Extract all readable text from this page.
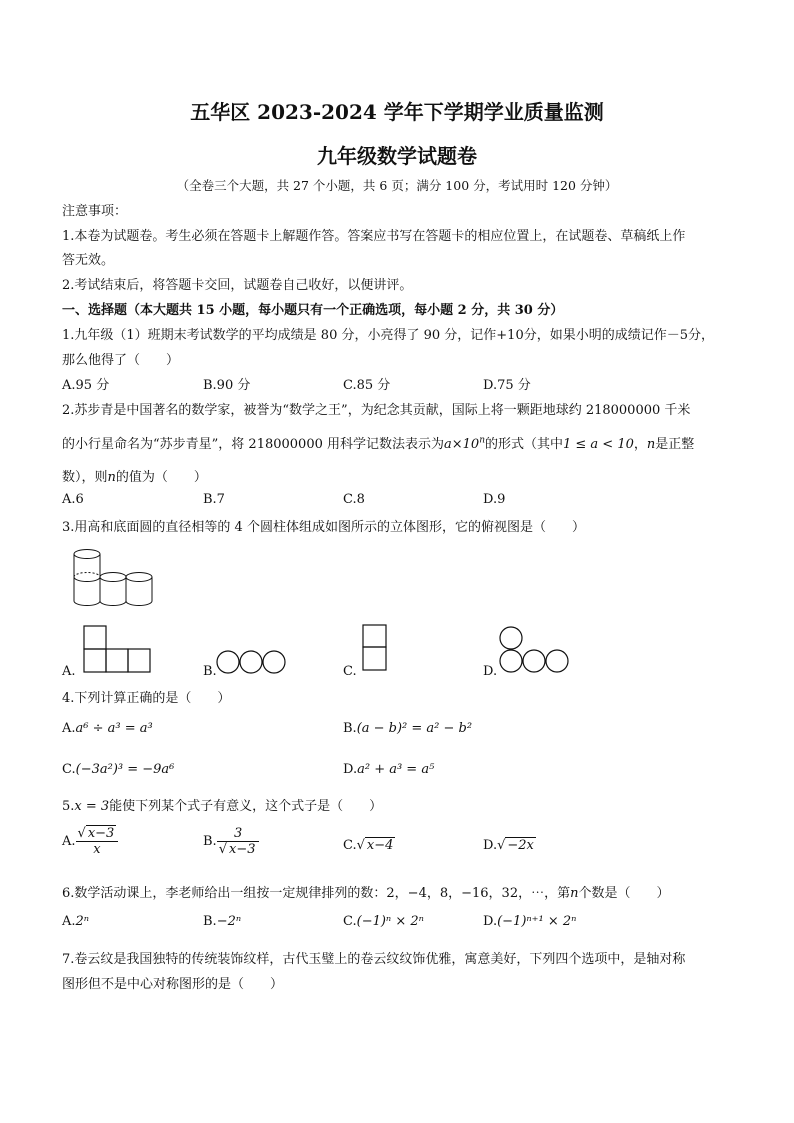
五华区 2023-2024 学年下学期学业质量监测
九年级数学试题卷
（全卷三个大题，共 27 个小题，共 6 页；满分 100 分，考试用时 120 分钟）
注意事项：
1.本卷为试题卷。考生必须在答题卡上解题作答。答案应书写在答题卡的相应位置上，在试题卷、草稿纸上作
答无效。
2.考试结束后，将答题卡交回，试题卷自己收好，以便讲评。
一、选择题（本大题共 15 小题，每小题只有一个正确选项，每小题 2 分，共 30 分）
1.九年级（1）班期末考试数学的平均成绩是 80 分，小亮得了 90 分，记作+10分，如果小明的成绩记作－5分，
那么他得了（　　）
A.95 分	B.90 分	C.85 分	D.75 分
2.苏步青是中国著名的数学家，被誉为“数学之王”，为纪念其贡献，国际上将一颗距地球约 218000000 千米
的小行星命名为“苏步青星”，将 218000000 用科学记数法表示为$a\times 10^n$的形式（其中1 ≤ a < 10，n是正整
数），则n的值为（　　）
A.6	B.7	C.8	D.9
3.用高和底面圆的直径相等的 4 个圆柱体组成如图所示的立体图形，它的俯视图是（　　）
A.	B.	C.	D.
4.下列计算正确的是（　　）
A.a⁶ ÷ a³ = a³	B.(a − b)² = a² − b²
C.(−3a²)³ = −9a⁶	D.a² + a³ = a⁵
5.x = 3能使下列某个式子有意义，这个式子是（　　）
A. $\frac{√ x-3}{x}$	B. $\frac{3}{√ x-3}$	C.√ x−4	D.√ −2x
6.数学活动课上，李老师给出一组按一定规律排列的数：2，−4，8，−16，32，⋯，第n个数是（　　）
A.2ⁿ	B.−2ⁿ	C.(−1)ⁿ × 2ⁿ	D.(−1)ⁿ⁺¹ × 2ⁿ
7.卷云纹是我国独特的传统装饰纹样，古代玉璧上的卷云纹纹饰优雅，寓意美好，下列四个选项中，是轴对称
图形但不是中心对称图形的是（　　）
